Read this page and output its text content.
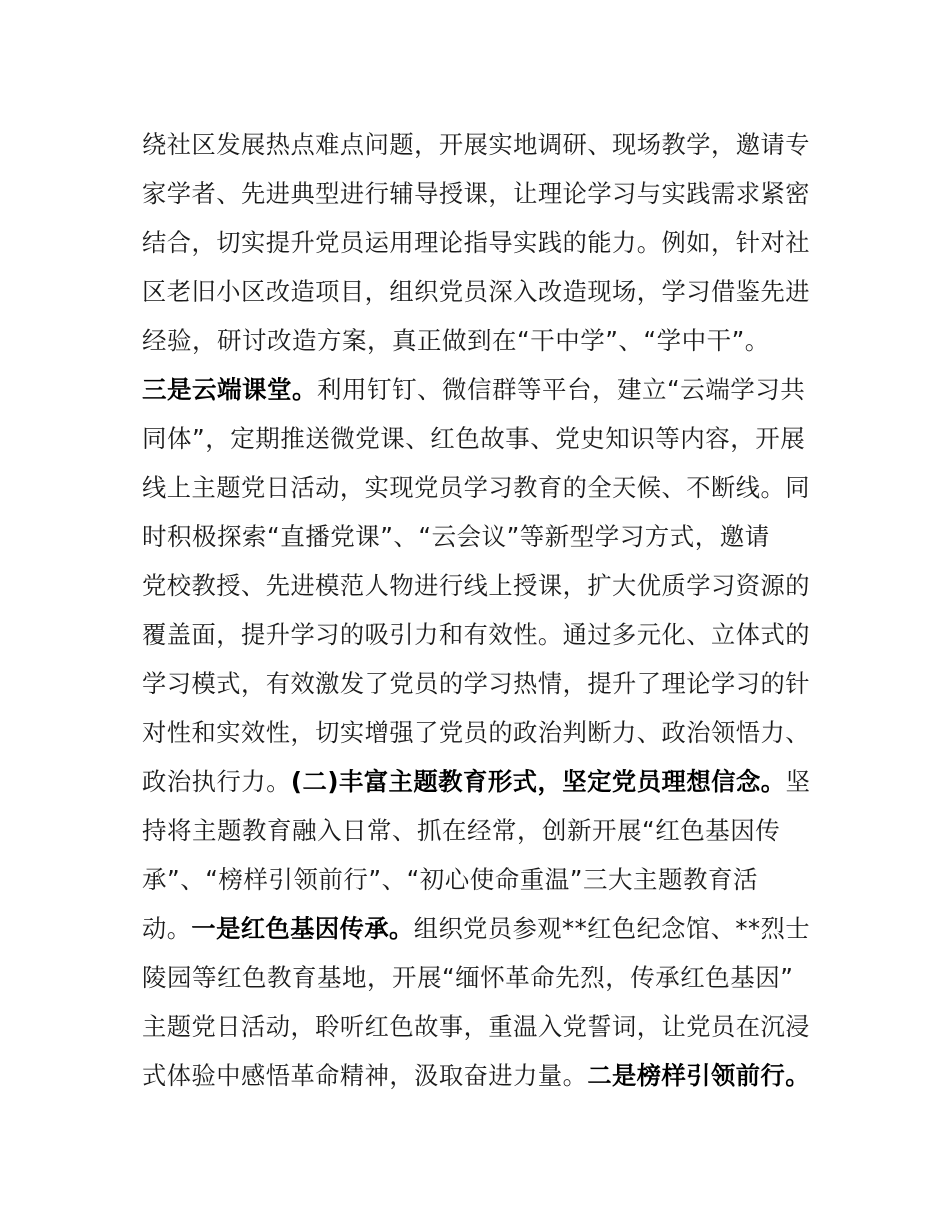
绕社区发展热点难点问题，开展实地调研、现场教学，邀请专
家学者、先进典型进行辅导授课，让理论学习与实践需求紧密
结合，切实提升党员运用理论指导实践的能力。例如，针对社
区老旧小区改造项目，组织党员深入改造现场，学习借鉴先进
经验，研讨改造方案，真正做到在“干中学”、“学中干”。
三是云端课堂。利用钉钉、微信群等平台，建立“云端学习共
同体”，定期推送微党课、红色故事、党史知识等内容，开展
线上主题党日活动，实现党员学习教育的全天候、不断线。同
时积极探索“直播党课”、“云会议”等新型学习方式，邀请
党校教授、先进模范人物进行线上授课，扩大优质学习资源的
覆盖面，提升学习的吸引力和有效性。通过多元化、立体式的
学习模式，有效激发了党员的学习热情，提升了理论学习的针
对性和实效性，切实增强了党员的政治判断力、政治领悟力、
政治执行力。(二)丰富主题教育形式，坚定党员理想信念。坚
持将主题教育融入日常、抓在经常，创新开展“红色基因传
承”、“榜样引领前行”、“初心使命重温”三大主题教育活
动。一是红色基因传承。组织党员参观**红色纪念馆、**烈士
陵园等红色教育基地，开展“缅怀革命先烈，传承红色基因”
主题党日活动，聆听红色故事，重温入党誓词，让党员在沉浸
式体验中感悟革命精神，汲取奋进力量。二是榜样引领前行。
